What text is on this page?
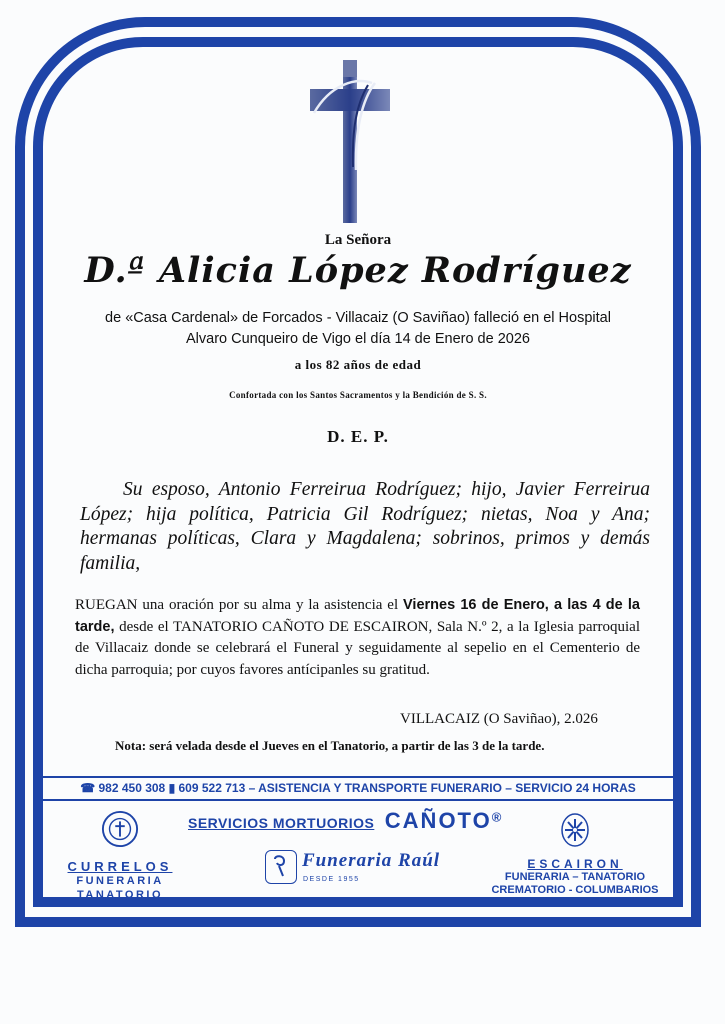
La Señora
D.ª Alicia López Rodríguez
de «Casa Cardenal» de Forcados - Villacaiz (O Saviñao) falleció en el Hospital
Alvaro Cunqueiro de Vigo el día 14 de Enero de 2026
a los 82 años de edad
Confortada con los Santos Sacramentos y la Bendición de S. S.
D. E. P.
Su esposo, Antonio Ferreirua Rodríguez; hijo, Javier Ferreirua López; hija política, Patricia Gil Rodríguez; nietas, Noa y Ana; hermanas políticas, Clara y Magdalena; sobrinos, primos y demás familia,
RUEGAN una oración por su alma y la asistencia el Viernes 16 de Enero, a las 4 de la tarde, desde el TANATORIO CAÑOTO DE ESCAIRON, Sala N.º 2, a la Iglesia parroquial de Villacaiz donde se celebrará el Funeral y seguidamente al sepelio en el Cementerio de dicha parroquia; por cuyos favores antícipanles su gratitud.
VILLACAIZ (O Saviñao), 2.026
Nota: será velada desde el Jueves en el Tanatorio, a partir de las 3 de la tarde.
☎ 982 450 308 ▮ 609 522 713 – ASISTENCIA Y TRANSPORTE FUNERARIO – SERVICIO 24 HORAS
SERVICIOS MORTUORIOS CAÑOTO®
CURRELOS
FUNERARIA
TANATORIO
Funeraria Raúl
DESDE 1955
ESCAIRON
FUNERARIA – TANATORIO
CREMATORIO - COLUMBARIOS
